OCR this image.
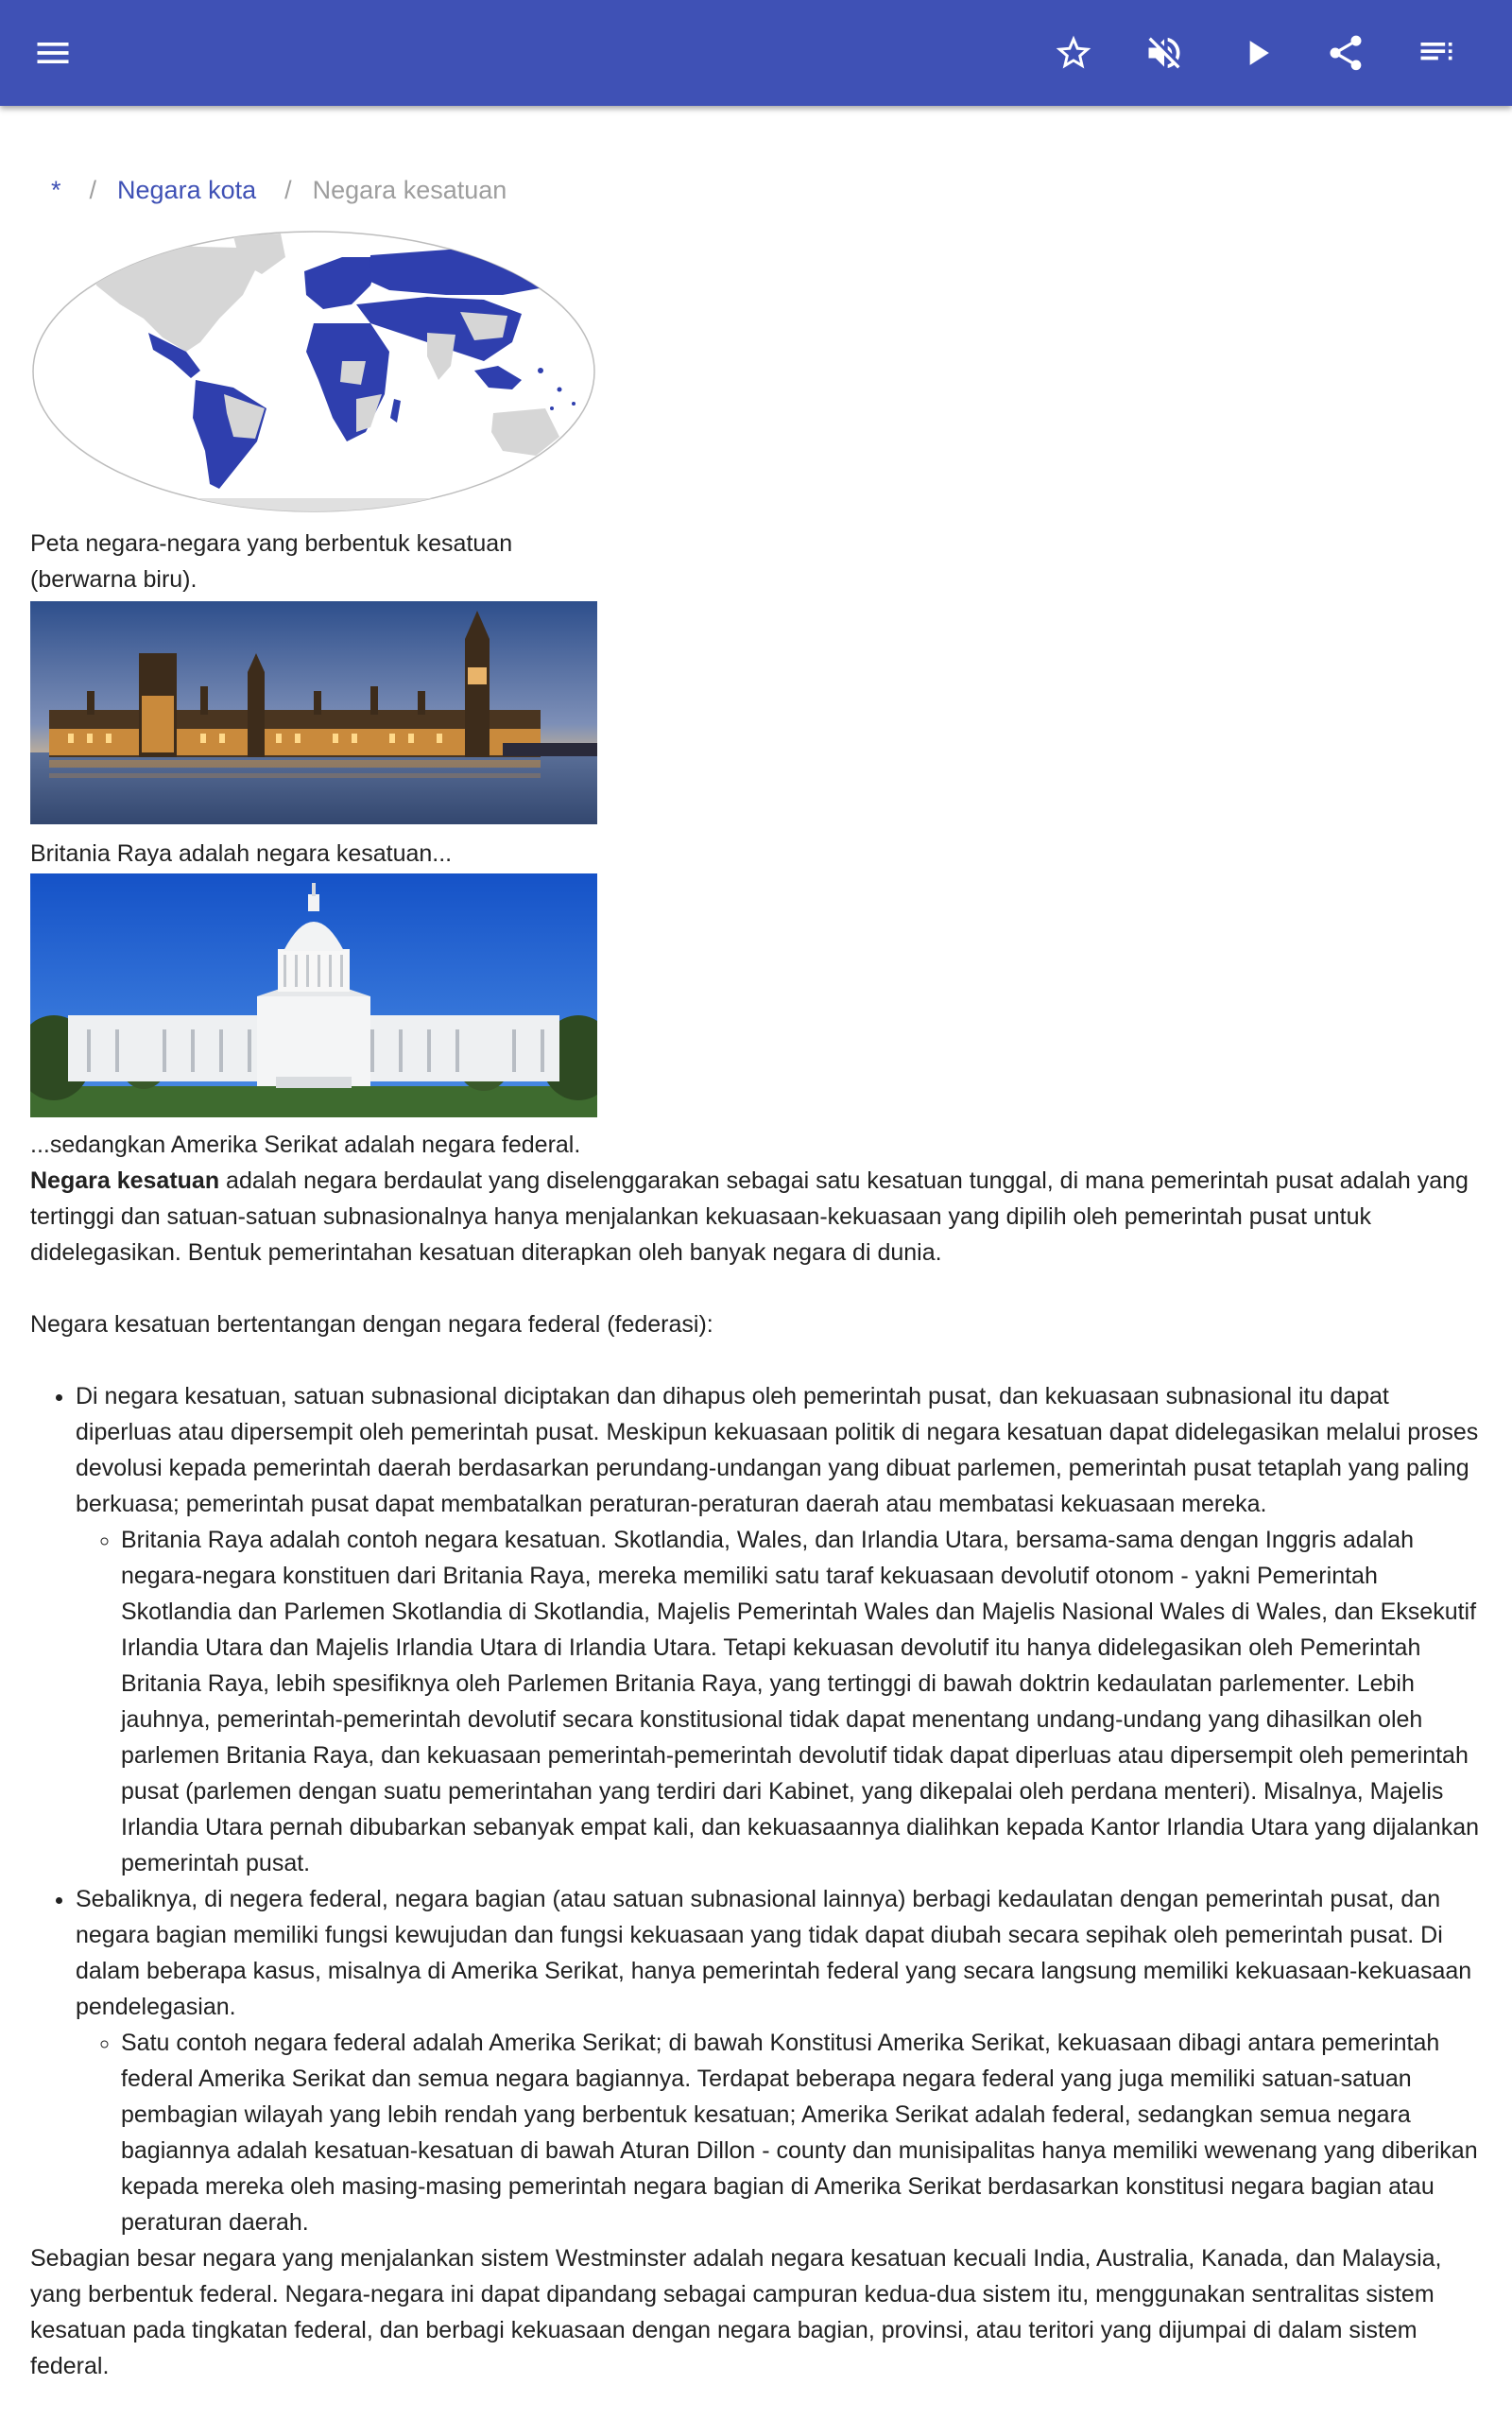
* / Negara kota / Negara kesatuan
Peta negara-negara yang berbentuk kesatuan (berwarna biru).
Britania Raya adalah negara kesatuan...
...sedangkan Amerika Serikat adalah negara federal.

Negara kesatuan adalah negara berdaulat yang diselenggarakan sebagai satu kesatuan tunggal, di mana pemerintah pusat adalah yang tertinggi dan satuan-satuan subnasionalnya hanya menjalankan kekuasaan-kekuasaan yang dipilih oleh pemerintah pusat untuk didelegasikan. Bentuk pemerintahan kesatuan diterapkan oleh banyak negara di dunia.

Negara kesatuan bertentangan dengan negara federal (federasi):

• Di negara kesatuan, satuan subnasional diciptakan dan dihapus oleh pemerintah pusat, dan kekuasaan subnasional itu dapat diperluas atau dipersempit oleh pemerintah pusat. Meskipun kekuasaan politik di negara kesatuan dapat didelegasikan melalui proses devolusi kepada pemerintah daerah berdasarkan perundang-undangan yang dibuat parlemen, pemerintah pusat tetaplah yang paling berkuasa; pemerintah pusat dapat membatalkan peraturan-peraturan daerah atau membatasi kekuasaan mereka.
◦ Britania Raya adalah contoh negara kesatuan. Skotlandia, Wales, dan Irlandia Utara, bersama-sama dengan Inggris adalah negara-negara konstituen dari Britania Raya, mereka memiliki satu taraf kekuasaan devolutif otonom - yakni Pemerintah Skotlandia dan Parlemen Skotlandia di Skotlandia, Majelis Pemerintah Wales dan Majelis Nasional Wales di Wales, dan Eksekutif Irlandia Utara dan Majelis Irlandia Utara di Irlandia Utara. Tetapi kekuasan devolutif itu hanya didelegasikan oleh Pemerintah Britania Raya, lebih spesifiknya oleh Parlemen Britania Raya, yang tertinggi di bawah doktrin kedaulatan parlementer. Lebih jauhnya, pemerintah-pemerintah devolutif secara konstitusional tidak dapat menentang undang-undang yang dihasilkan oleh parlemen Britania Raya, dan kekuasaan pemerintah-pemerintah devolutif tidak dapat diperluas atau dipersempit oleh pemerintah pusat (parlemen dengan suatu pemerintahan yang terdiri dari Kabinet, yang dikepalai oleh perdana menteri). Misalnya, Majelis Irlandia Utara pernah dibubarkan sebanyak empat kali, dan kekuasaannya dialihkan kepada Kantor Irlandia Utara yang dijalankan pemerintah pusat.
• Sebaliknya, di negera federal, negara bagian (atau satuan subnasional lainnya) berbagi kedaulatan dengan pemerintah pusat, dan negara bagian memiliki fungsi kewujudan dan fungsi kekuasaan yang tidak dapat diubah secara sepihak oleh pemerintah pusat. Di dalam beberapa kasus, misalnya di Amerika Serikat, hanya pemerintah federal yang secara langsung memiliki kekuasaan-kekuasaan pendelegasian.
◦ Satu contoh negara federal adalah Amerika Serikat; di bawah Konstitusi Amerika Serikat, kekuasaan dibagi antara pemerintah federal Amerika Serikat dan semua negara bagiannya. Terdapat beberapa negara federal yang juga memiliki satuan-satuan pembagian wilayah yang lebih rendah yang berbentuk kesatuan; Amerika Serikat adalah federal, sedangkan semua negara bagiannya adalah kesatuan-kesatuan di bawah Aturan Dillon - county dan munisipalitas hanya memiliki wewenang yang diberikan kepada mereka oleh masing-masing pemerintah negara bagian di Amerika Serikat berdasarkan konstitusi negara bagian atau peraturan daerah.

Sebagian besar negara yang menjalankan sistem Westminster adalah negara kesatuan kecuali India, Australia, Kanada, dan Malaysia, yang berbentuk federal. Negara-negara ini dapat dipandang sebagai campuran kedua-dua sistem itu, menggunakan sentralitas sistem kesatuan pada tingkatan federal, dan berbagi kekuasaan dengan negara bagian, provinsi, atau teritori yang dijumpai di dalam sistem federal.
